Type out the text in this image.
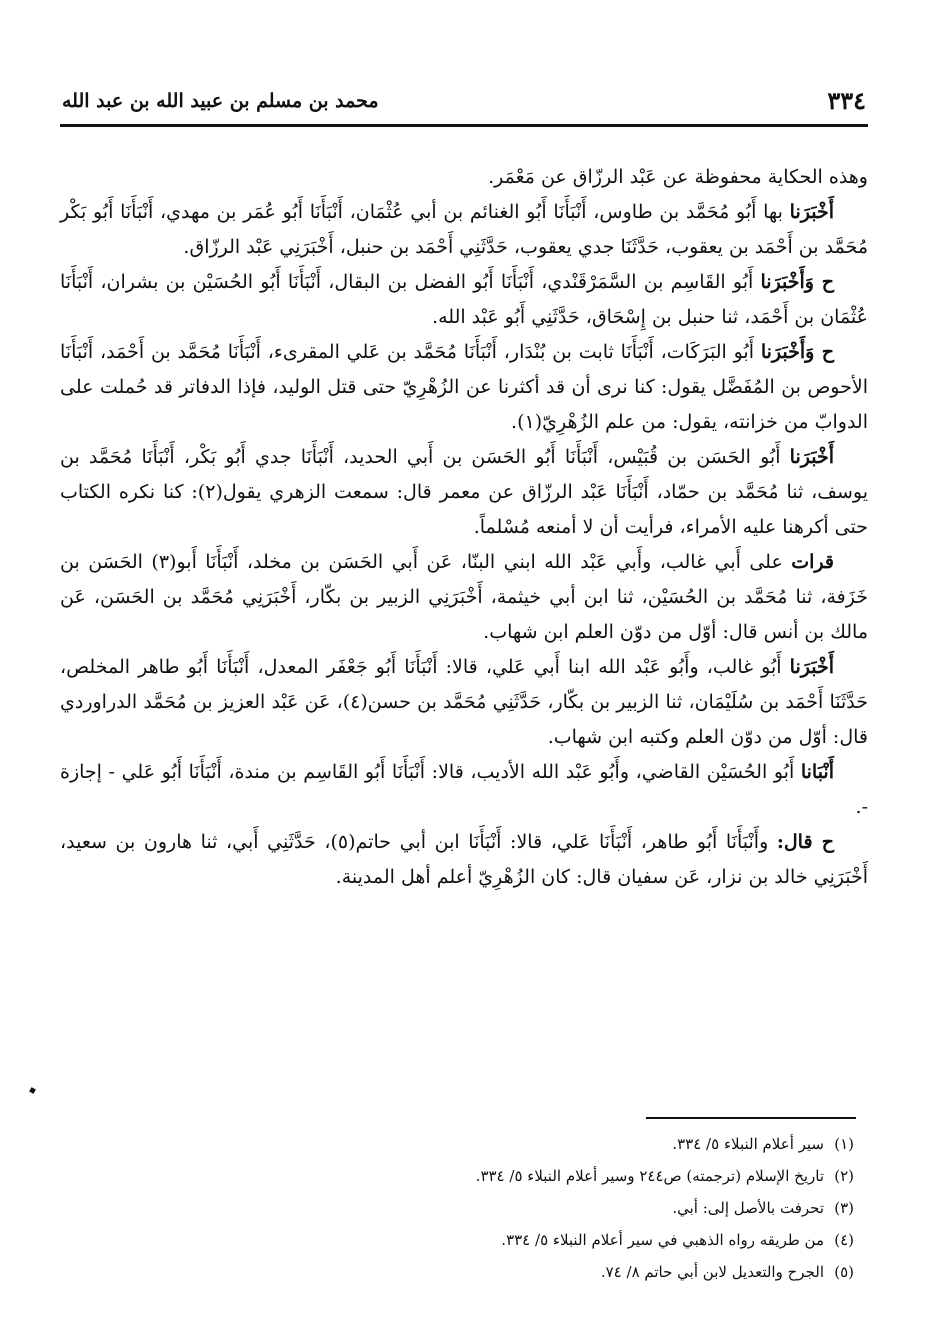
٣٣٤
محمد بن مسلم بن عبيد الله بن عبد الله

وهذه الحكاية محفوظة عن عَبْد الرزّاق عن مَعْمَر.

أَخْبَرَنا بها أَبُو مُحَمَّد بن طاوس، أَنْبَأَنَا أَبُو الغنائم بن أبي عُثْمَان، أَنْبَأَنَا أَبُو عُمَر بن مهدي، أَنْبَأَنَا أَبُو بَكْر مُحَمَّد بن أَحْمَد بن يعقوب، حَدَّثَنَا جدي يعقوب، حَدَّثَنِي أَحْمَد بن حنبل، أَخْبَرَنِي عَبْد الرزّاق.

ح وَأَخْبَرَنا أَبُو القَاسِم بن السَّمَرْقَنْدي، أَنْبَأَنَا أَبُو الفضل بن البقال، أَنْبَأَنَا أَبُو الحُسَيْن بن بشران، أَنْبَأَنَا عُثْمَان بن أَحْمَد، ثنا حنبل بن إِسْحَاق، حَدَّثَنِي أَبُو عَبْد الله.

ح وَأَخْبَرَنا أَبُو البَرَكَات، أَنْبَأَنَا ثابت بن بُنْدَار، أَنْبَأَنَا مُحَمَّد بن عَلي المقرىء، أَنْبَأَنَا مُحَمَّد بن أَحْمَد، أَنْبَأَنَا الأحوص بن المُفَضَّل يقول: كنا نرى أن قد أكثرنا عن الزُهْرِيّ حتى قتل الوليد، فإذا الدفاتر قد حُملت على الدوابّ من خزانته، يقول: من علم الزُهْرِيّ(١).

أَخْبَرَنا أَبُو الحَسَن بن قُبَيْس، أَنْبَأَنَا أَبُو الحَسَن بن أَبي الحديد، أَنْبَأَنَا جدي أَبُو بَكْر، أَنْبَأَنَا مُحَمَّد بن يوسف، ثنا مُحَمَّد بن حمّاد، أَنْبَأَنَا عَبْد الرزّاق عن معمر قال: سمعت الزهري يقول(٢): كنا نكره الكتاب حتى أكرهنا عليه الأمراء، فرأيت أن لا أمنعه مُسْلماً.

قرات على أَبي غالب، وأَبي عَبْد الله ابني البنّا، عَن أَبي الحَسَن بن مخلد، أَنْبَأَنَا أَبو(٣) الحَسَن بن خَزَفة، ثنا مُحَمَّد بن الحُسَيْن، ثنا ابن أبي خيثمة، أَخْبَرَنِي الزبير بن بكّار، أَخْبَرَنِي مُحَمَّد بن الحَسَن، عَن مالك بن أنس قال: أوّل من دوّن العلم ابن شهاب.

أَخْبَرَنا أَبُو غالب، وأَبُو عَبْد الله ابنا أَبي عَلي، قالا: أَنْبَأَنَا أَبُو جَعْفَر المعدل، أَنْبَأَنَا أَبُو طاهر المخلص، حَدَّثَنَا أَحْمَد بن سُلَيْمَان، ثنا الزبير بن بكّار، حَدَّثَنِي مُحَمَّد بن حسن(٤)، عَن عَبْد العزيز بن مُحَمَّد الدراوردي قال: أوّل من دوّن العلم وكتبه ابن شهاب.

أَنْبَانا أَبُو الحُسَيْن القاضي، وأَبُو عَبْد الله الأديب، قالا: أَنْبَأَنَا أَبُو القَاسِم بن مندة، أَنْبَأَنَا أَبُو عَلي - إجازة -.

ح قال: وأَنْبَأَنَا أَبُو طاهر، أَنْبَأَنَا عَلي، قالا: أَنْبَأَنَا ابن أبي حاتم(٥)، حَدَّثَنِي أَبي، ثنا هارون بن سعيد، أَخْبَرَنِي خالد بن نزار، عَن سفيان قال: كان الزُهْرِيّ أعلم أهل المدينة.

(١)سير أعلام النبلاء ٥/ ٣٣٤.
(٢)تاريخ الإسلام (ترجمته) ص٢٤٤ وسير أعلام النبلاء ٥/ ٣٣٤.
(٣)تحرفت بالأصل إلى: أبي.
(٤)من طريقه رواه الذهبي في سير أعلام النبلاء ٥/ ٣٣٤.
(٥)الجرح والتعديل لابن أبي حاتم ٨/ ٧٤.
